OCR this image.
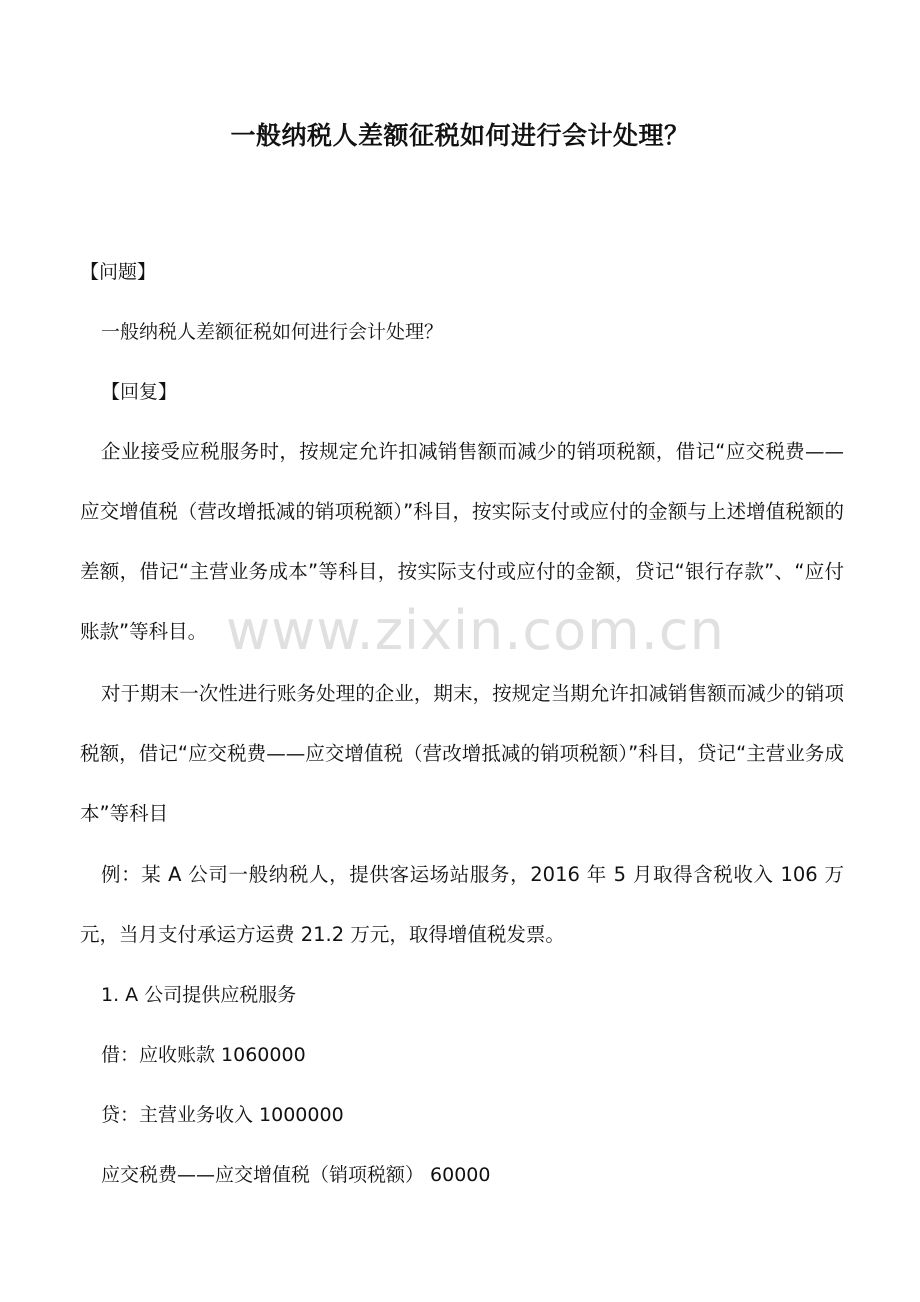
一般纳税人差额征税如何进行会计处理？
【问题】
一般纳税人差额征税如何进行会计处理？
【回复】
企业接受应税服务时，按规定允许扣减销售额而减少的销项税额，借记“应交税费——应交增值税（营改增抵减的销项税额）”科目，按实际支付或应付的金额与上述增值税额的差额，借记“主营业务成本”等科目，按实际支付或应付的金额，贷记“银行存款”、“应付账款”等科目。
对于期末一次性进行账务处理的企业，期末，按规定当期允许扣减销售额而减少的销项税额，借记“应交税费——应交增值税（营改增抵减的销项税额）”科目，贷记“主营业务成本”等科目
例：某 A 公司一般纳税人，提供客运场站服务，2016 年 5 月取得含税收入 106 万元，当月支付承运方运费 21.2 万元，取得增值税发票。
1. A 公司提供应税服务
借：应收账款 1060000
贷：主营业务收入 1000000
应交税费——应交增值税（销项税额） 60000
www.zixin.com.cn
